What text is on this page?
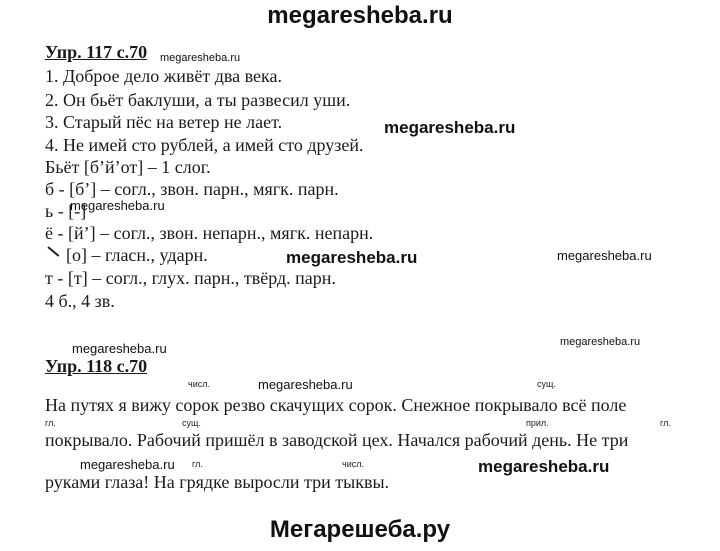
megaresheba.ru
Упр. 117 с.70 megaresheba.ru
1. Доброе дело живёт два века.
2. Он бьёт баклуши, а ты развесил уши.
3. Старый пёс на ветер не лает.
4. Не имей сто рублей, а имей сто друзей.
megaresheba.ru
Бьёт [б’й’от] – 1 слог.
б - [б’] – согл., звон. парн., мягк. парн.
ь - [-]
megaresheba.ru
ё - [й’] – согл., звон. непарн., мягк. непарн.
[о] – гласн., ударн.	megaresheba.ru	megaresheba.ru
т - [т] – согл., глух. парн., твёрд. парн.
4 б., 4 зв.
megaresheba.ru
megaresheba.ru
Упр. 118 с.70
числ.	megaresheba.ru	сущ.
На путях я вижу сорок резво скачущих сорок. Снежное покрывало всё поле
гл.	сущ.	прил.	гл.
покрывало. Рабочий пришёл в заводской цех. Начался рабочий день. Не три
megaresheba.ru гл.	числ.	megaresheba.ru
руками глаза! На грядке выросли три тыквы.
Мегарешеба.ру
